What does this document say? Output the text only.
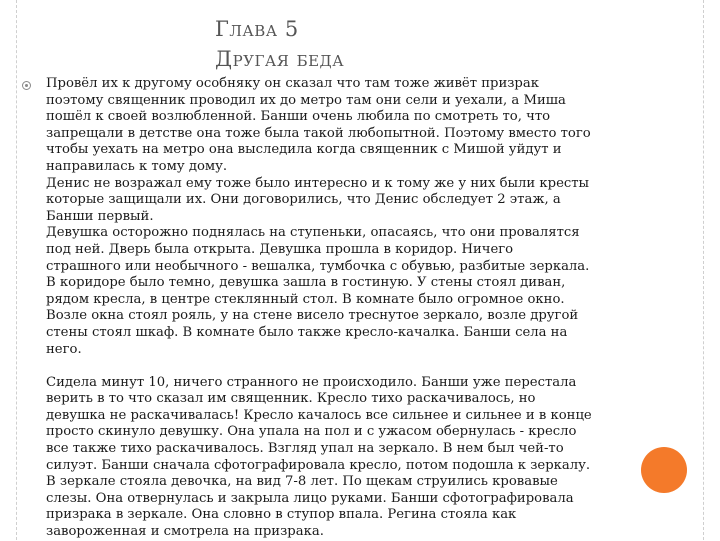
Глава 5
Другая беда
Провёл их к другому особняку он сказал что там тоже живёт призрак
поэтому священник проводил их до метро там они сели и уехали, а Миша
пошёл к своей возлюбленной. Банши очень любила по смотреть то, что
запрещали в детстве она тоже была такой любопытной. Поэтому вместо того
чтобы уехать на метро она выследила когда священник с Мишой уйдут и
направилась к тому дому.
Денис не возражал ему тоже было интересно и к тому же у них были кресты
которые защищали их. Они договорились, что Денис обследует 2 этаж, а
Банши первый.
Девушка осторожно поднялась на ступеньки, опасаясь, что они провалятся
под ней. Дверь была открыта. Девушка прошла в коридор. Ничего
страшного или необычного - вешалка, тумбочка с обувью, разбитые зеркала.
В коридоре было темно, девушка зашла в гостиную. У стены стоял диван,
рядом кресла, в центре стеклянный стол. В комнате было огромное окно.
Возле окна стоял рояль, у на стене висело треснутое зеркало, возле другой
стены стоял шкаф. В комнате было также кресло-качалка. Банши села на
него.
Сидела минут 10, ничего странного не происходило. Банши уже перестала
верить в то что сказал им священник. Кресло тихо раскачивалось, но
девушка не раскачивалась! Кресло качалось все сильнее и сильнее и в конце
просто скинуло девушку. Она упала на пол и с ужасом обернулась - кресло
все также тихо раскачивалось. Взгляд упал на зеркало. В нем был чей-то
силуэт. Банши сначала сфотографировала кресло, потом подошла к зеркалу.
В зеркале стояла девочка, на вид 7-8 лет. По щекам струились кровавые
слезы. Она отвернулась и закрыла лицо руками. Банши сфотографировала
призрака в зеркале. Она словно в ступор впала. Регина стояла как
завороженная и смотрела на призрака.
